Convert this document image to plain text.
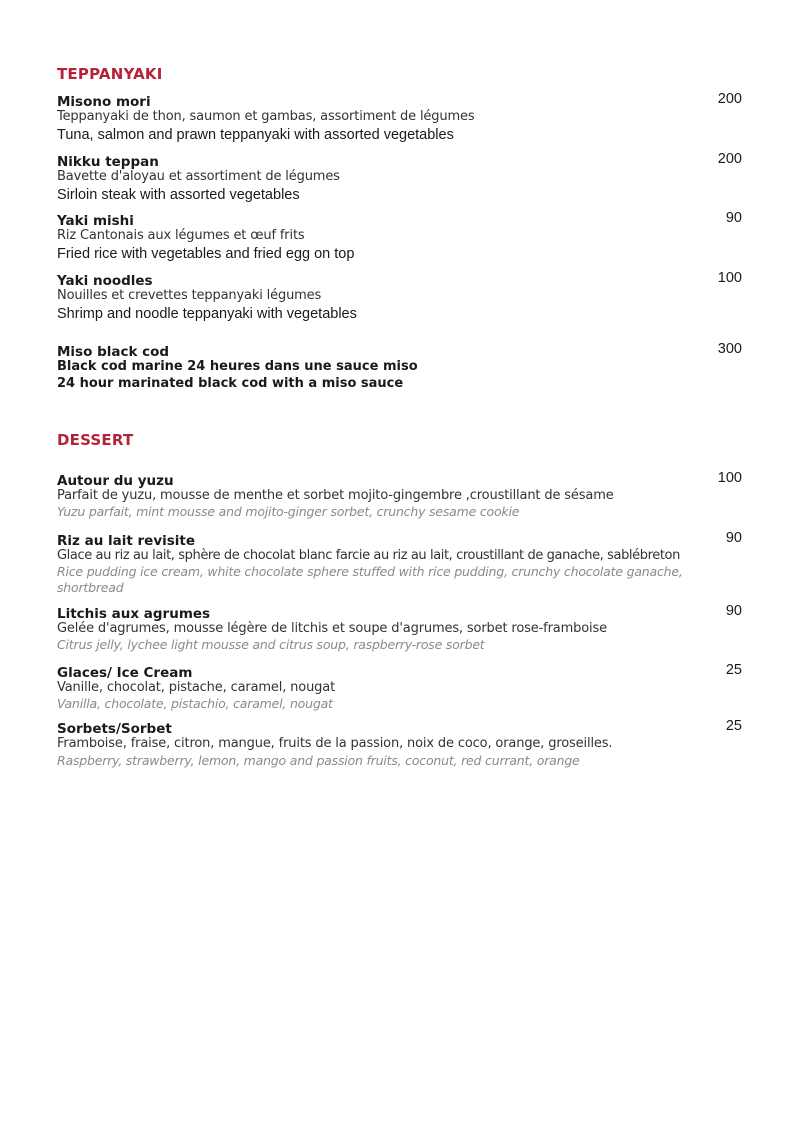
TEPPANYAKI
Misono mori	200
Teppanyaki de thon, saumon et gambas, assortiment de légumes
Tuna, salmon and prawn teppanyaki with assorted vegetables
Nikku teppan	200
Bavette d'aloyau et assortiment de légumes
Sirloin steak with assorted vegetables
Yaki mishi	90
Riz Cantonais aux légumes et œuf frits
Fried rice with vegetables and fried egg on top
Yaki noodles	100
Nouilles et crevettes teppanyaki légumes
Shrimp and noodle teppanyaki with vegetables
Miso black cod	300
Black cod marine 24 heures dans une sauce miso
24 hour marinated black cod with a miso sauce
DESSERT
Autour du yuzu	100
Parfait de yuzu, mousse de menthe et sorbet mojito-gingembre ,croustillant de sésame
Yuzu parfait, mint mousse and mojito-ginger sorbet, crunchy sesame cookie
Riz au lait revisite	90
Glace au riz au lait, sphère de chocolat blanc farcie au riz au lait, croustillant de ganache, sablébreton
Rice pudding ice cream, white chocolate sphere stuffed with rice pudding, crunchy chocolate ganache, shortbread
Litchis aux agrumes	90
Gelée d'agrumes, mousse légère de litchis et soupe d'agrumes, sorbet rose-framboise
Citrus jelly, lychee light mousse and citrus soup, raspberry-rose sorbet
Glaces/ Ice Cream	25
Vanille, chocolat, pistache, caramel, nougat
Vanilla, chocolate, pistachio, caramel, nougat
Sorbets/Sorbet	25
Framboise, fraise, citron, mangue, fruits de la passion, noix de coco, orange, groseilles.
Raspberry, strawberry, lemon, mango and passion fruits, coconut, red currant, orange
